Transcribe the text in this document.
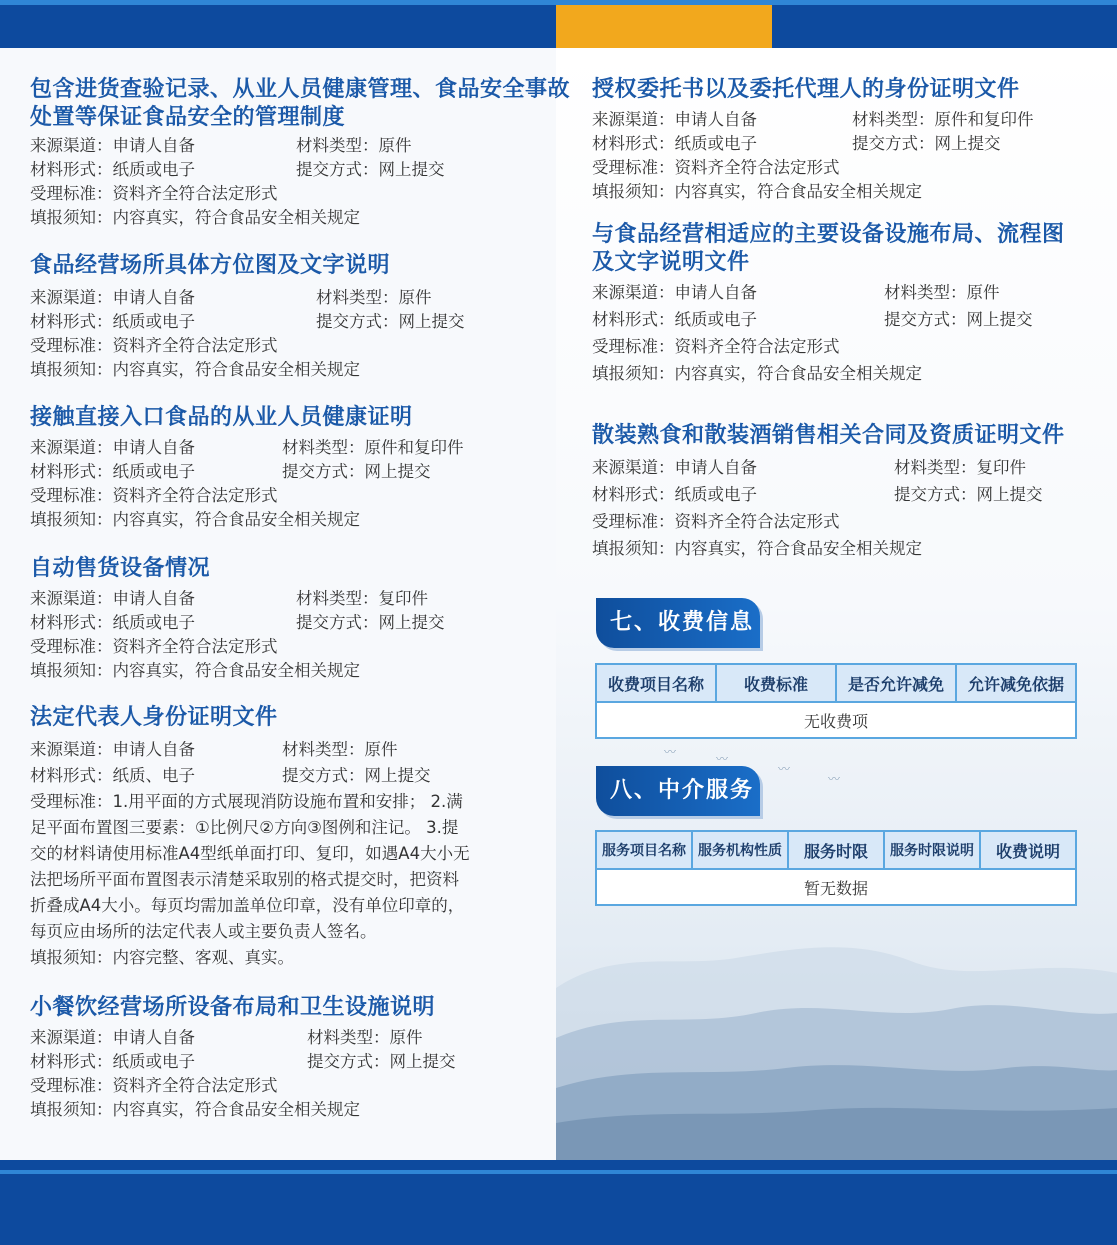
〰	〰
〰
〰
包含进货查验记录、从业人员健康管理、食品安全事故
处置等保证食品安全的管理制度
来源渠道：申请人自备	材料类型：原件
材料形式：纸质或电子	提交方式：网上提交
受理标准：资料齐全符合法定形式
填报须知：内容真实，符合食品安全相关规定
食品经营场所具体方位图及文字说明
来源渠道：申请人自备	材料类型：原件
材料形式：纸质或电子	提交方式：网上提交
受理标准：资料齐全符合法定形式
填报须知：内容真实，符合食品安全相关规定
接触直接入口食品的从业人员健康证明
来源渠道：申请人自备	材料类型：原件和复印件
材料形式：纸质或电子	提交方式：网上提交
受理标准：资料齐全符合法定形式
填报须知：内容真实，符合食品安全相关规定
自动售货设备情况
来源渠道：申请人自备	材料类型：复印件
材料形式：纸质或电子	提交方式：网上提交
受理标准：资料齐全符合法定形式
填报须知：内容真实，符合食品安全相关规定
法定代表人身份证明文件
来源渠道：申请人自备	材料类型：原件
材料形式：纸质、电子	提交方式：网上提交
受理标准：1.用平面的方式展现消防设施布置和安排； 2.满
足平面布置图三要素：①比例尺②方向③图例和注记。 3.提
交的材料请使用标准A4型纸单面打印、复印，如遇A4大小无
法把场所平面布置图表示清楚采取别的格式提交时，把资料
折叠成A4大小。每页均需加盖单位印章，没有单位印章的，
每页应由场所的法定代表人或主要负责人签名。
填报须知：内容完整、客观、真实。
小餐饮经营场所设备布局和卫生设施说明
来源渠道：申请人自备	材料类型：原件
材料形式：纸质或电子	提交方式：网上提交
受理标准：资料齐全符合法定形式
填报须知：内容真实，符合食品安全相关规定
授权委托书以及委托代理人的身份证明文件
来源渠道：申请人自备	材料类型：原件和复印件
材料形式：纸质或电子	提交方式：网上提交
受理标准：资料齐全符合法定形式
填报须知：内容真实，符合食品安全相关规定
与食品经营相适应的主要设备设施布局、流程图
及文字说明文件
来源渠道：申请人自备	材料类型：原件
材料形式：纸质或电子	提交方式：网上提交
受理标准：资料齐全符合法定形式
填报须知：内容真实，符合食品安全相关规定
散装熟食和散装酒销售相关合同及资质证明文件
来源渠道：申请人自备	材料类型：复印件
材料形式：纸质或电子	提交方式：网上提交
受理标准：资料齐全符合法定形式
填报须知：内容真实，符合食品安全相关规定
七、收费信息
收费项目名称	收费标准	是否允许减免	允许减免依据
无收费项
八、中介服务
服务项目名称	服务机构性质	服务时限	服务时限说明	收费说明
暂无数据
